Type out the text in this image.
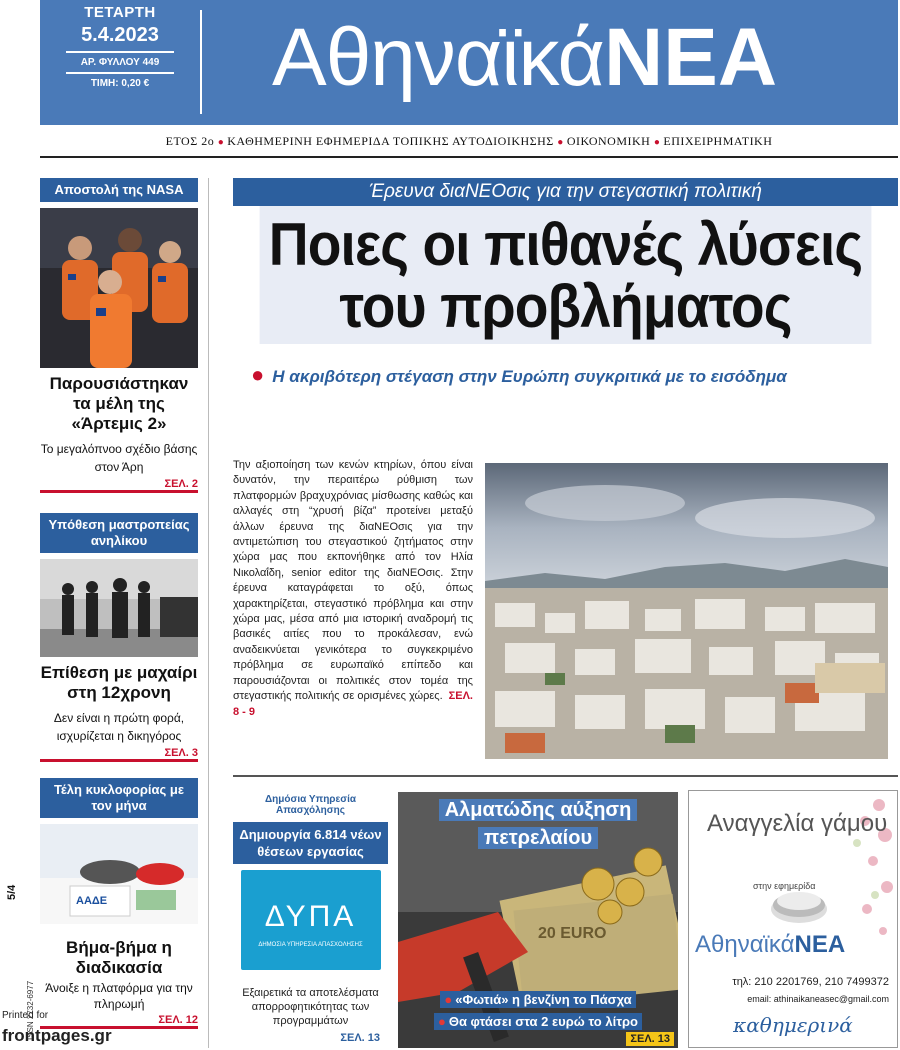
ΤΕΤΑΡΤΗ
5.4.2023
ΑΡ. ΦΥΛΛΟΥ 449
ΤΙΜΗ: 0,20 €	ΑθηναϊκάΝΕΑ
ΕΤΟΣ 2ο ● ΚΑΘΗΜΕΡΙΝΗ ΕΦΗΜΕΡΙΔΑ ΤΟΠΙΚΗΣ ΑΥΤΟΔΙΟΙΚΗΣΗΣ ● ΟΙΚΟΝΟΜΙΚΗ ● ΕΠΙΧΕΙΡΗΜΑΤΙΚΗ
Αποστολή της NASA
Παρουσιάστηκαν τα μέλη της «Άρτεμις 2»
Το μεγαλόπνοο σχέδιο βάσης στον Άρη
ΣΕΛ. 2
Υπόθεση μαστροπείας ανηλίκου
Επίθεση με μαχαίρι στη 12χρονη
Δεν είναι η πρώτη φορά, ισχυρίζεται η δικηγόρος
ΣΕΛ. 3
Τέλη κυκλοφορίας με τον μήνα
ΑΑΔΕ
Βήμα-βήμα η διαδικασία
Άνοιξε η πλατφόρμα για την πληρωμή
ΣΕΛ. 12
Έρευνα διαΝΕΟσις για την στεγαστική πολιτική
Ποιες οι πιθανές λύσεις
του προβλήματος
● Η ακριβότερη στέγαση στην Ευρώπη συγκριτικά με το εισόδημα
Την αξιοποίηση των κενών κτηρίων, όπου είναι δυνατόν, την περαιτέρω ρύθμιση των πλατφορμών βραχυχρόνιας μίσθωσης καθώς και αλλαγές στη “χρυσή βίζα” προτείνει μεταξύ άλλων έρευνα της διαΝΕΟσις για την αντιμετώπιση του στεγαστικού ζητήματος στην χώρα μας που εκπονήθηκε από τον Ηλία Νικολαΐδη, senior editor της διαΝΕΟσις. Στην έρευνα καταγράφεται το οξύ, όπως χαρακτηρίζεται, στεγαστικό πρόβλημα και στην χώρα μας, μέσα από μια ιστορική αναδρομή τις βασικές αιτίες που το προκάλεσαν, ενώ αναδεικνύεται γενικότερα το συγκεκριμένο πρόβλημα σε ευρωπαϊκό επίπεδο και παρουσιάζονται οι πολιτικές στον τομέα της στεγαστικής πολιτικής σε ορισμένες χώρες. ΣΕΛ. 8 - 9
Δημόσια Υπηρεσία Απασχόλησης
Δημιουργία 6.814 νέων θέσεων εργασίας
ΔΥΠΑ
ΔΗΜΟΣΙΑ ΥΠΗΡΕΣΙΑ ΑΠΑΣΧΟΛΗΣΗΣ
Εξαιρετικά τα αποτελέσματα απορροφητικότητας των προγραμμάτων
ΣΕΛ. 13
20 EURO
Αλματώδης αύξηση πετρελαίου
● «Φωτιά» η βενζίνη το Πάσχα
● Θα φτάσει στα 2 ευρώ το λίτρο
ΣΕΛ. 13
Αναγγελία γάμου
στην εφημερίδα
ΑθηναϊκάΝΕΑ
τηλ: 210 2201769, 210 7499372
email: athinaikaneasec@gmail.com
καθημερινά
5/4
ISSN 2732-6977
Printed for
frontpages.gr
